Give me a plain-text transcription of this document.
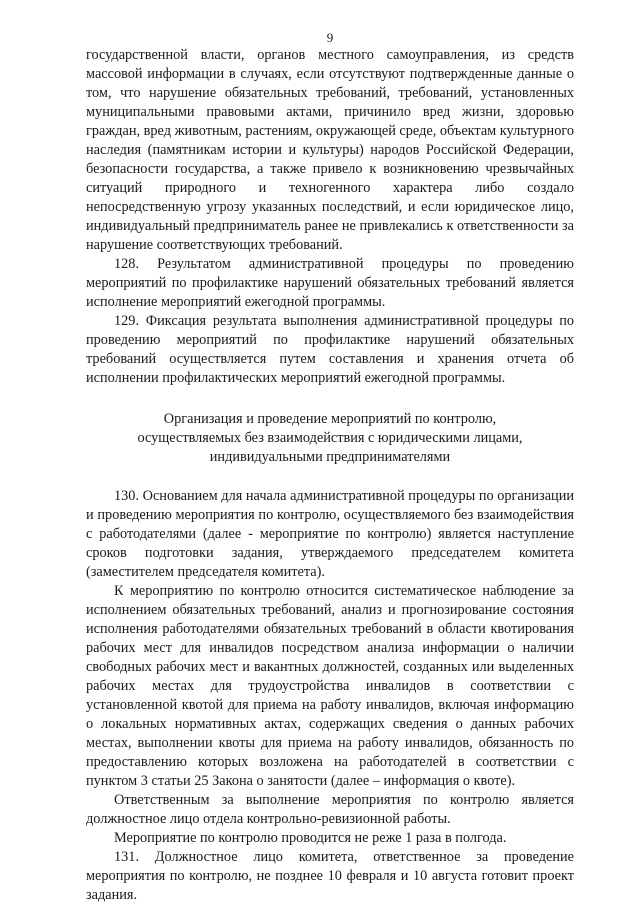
9

государственной власти, органов местного самоуправления, из средств массовой информации в случаях, если отсутствуют подтвержденные данные о том, что нарушение обязательных требований, требований, установленных муниципальными правовыми актами, причинило вред жизни, здоровью граждан, вред животным, растениям, окружающей среде, объектам культурного наследия (памятникам истории и культуры) народов Российской Федерации, безопасности государства, а также привело к возникновению чрезвычайных ситуаций природного и техногенного характера либо создало непосредственную угрозу указанных последствий, и если юридическое лицо, индивидуальный предприниматель ранее не привлекались к ответственности за нарушение соответствующих требований.

128. Результатом административной процедуры по проведению мероприятий по профилактике нарушений обязательных требований является исполнение мероприятий ежегодной программы.

129. Фиксация результата выполнения административной процедуры по проведению мероприятий по профилактике нарушений обязательных требований осуществляется путем составления и хранения отчета об исполнении профилактических мероприятий ежегодной программы.

Организация и проведение мероприятий по контролю,
осуществляемых без взаимодействия с юридическими лицами,
индивидуальными предпринимателями

130. Основанием для начала административной процедуры по организации и проведению мероприятия по контролю, осуществляемого без взаимодействия с работодателями (далее - мероприятие по контролю) является наступление сроков подготовки задания, утверждаемого председателем комитета (заместителем председателя комитета).

К мероприятию по контролю относится систематическое наблюдение за исполнением обязательных требований, анализ и прогнозирование состояния исполнения работодателями обязательных требований в области квотирования рабочих мест для инвалидов посредством анализа информации о наличии свободных рабочих мест и вакантных должностей, созданных или выделенных рабочих местах для трудоустройства инвалидов в соответствии с установленной квотой для приема на работу инвалидов, включая информацию о локальных нормативных актах, содержащих сведения о данных рабочих местах, выполнении квоты для приема на работу инвалидов, обязанность по предоставлению которых возложена на работодателей в соответствии с пунктом 3 статьи 25 Закона о занятости (далее – информация о квоте).

Ответственным за выполнение мероприятия по контролю является должностное лицо отдела контрольно-ревизионной работы.

Мероприятие по контролю проводится не реже 1 раза в полгода.

131. Должностное лицо комитета, ответственное за проведение мероприятия по контролю, не позднее 10 февраля и 10 августа готовит проект задания.
